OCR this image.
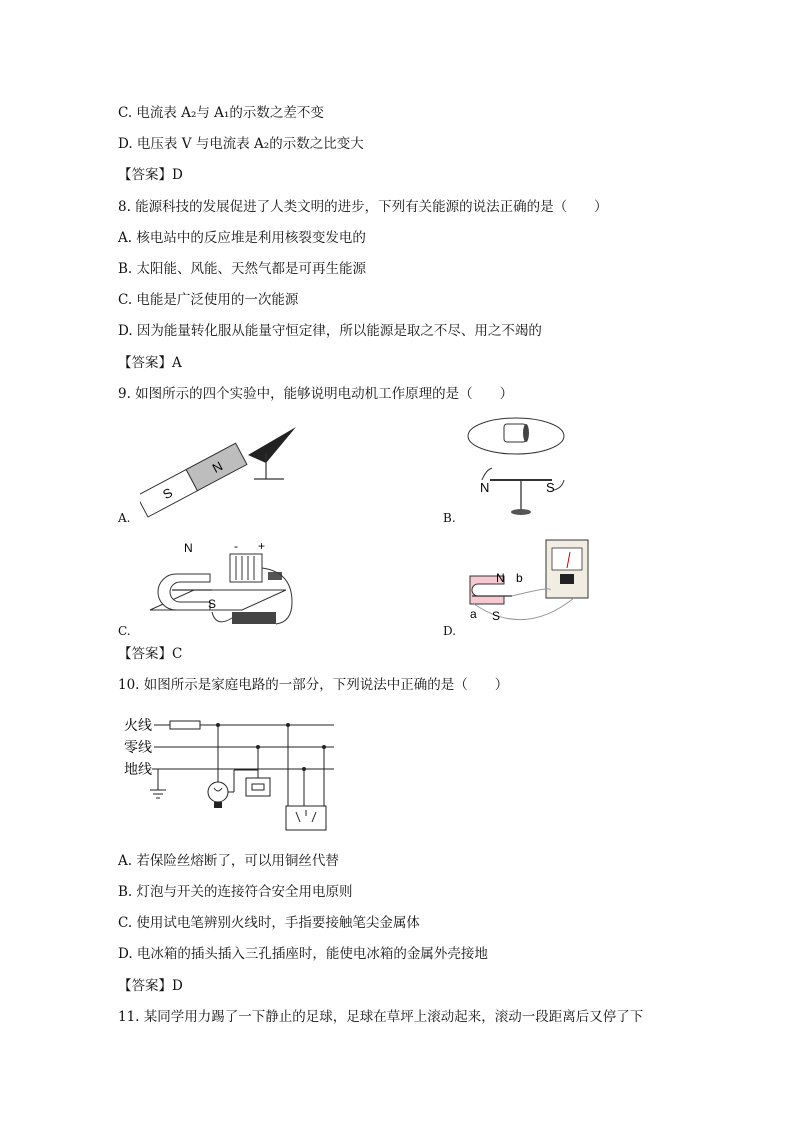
C. 电流表 A₂与 A₁的示数之差不变
D. 电压表 V 与电流表 A₂的示数之比变大
【答案】D
8. 能源科技的发展促进了人类文明的进步，下列有关能源的说法正确的是（　　）
A. 核电站中的反应堆是利用核裂变发电的
B. 太阳能、风能、天然气都是可再生能源
C. 电能是广泛使用的一次能源
D. 因为能量转化服从能量守恒定律，所以能源是取之不尽、用之不竭的
【答案】A
9. 如图所示的四个实验中，能够说明电动机工作原理的是（　　）
S
N
A.
N	S
B.
N
S
- +
C.
N b
a S
D.
【答案】C
10. 如图所示是家庭电路的一部分，下列说法中正确的是（　　）
火线
零线
地线
A. 若保险丝熔断了，可以用铜丝代替
B. 灯泡与开关的连接符合安全用电原则
C. 使用试电笔辨别火线时，手指要接触笔尖金属体
D. 电冰箱的插头插入三孔插座时，能使电冰箱的金属外壳接地
【答案】D
11. 某同学用力踢了一下静止的足球，足球在草坪上滚动起来，滚动一段距离后又停了下
